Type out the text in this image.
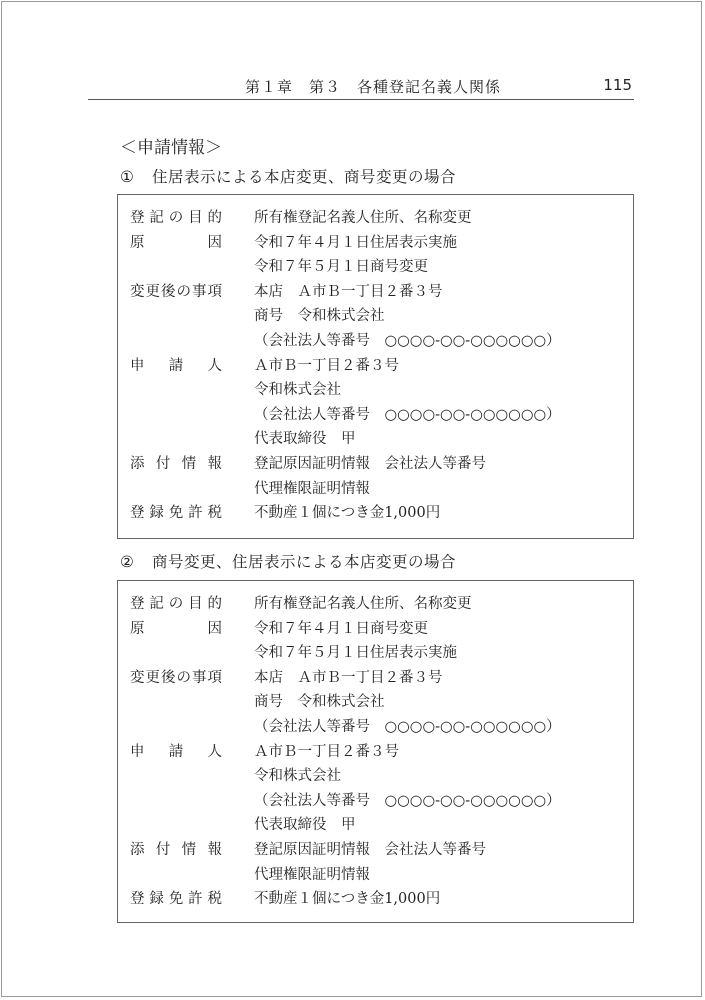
第１章　第３　各種登記名義人関係	115
＜申請情報＞
① 住居表示による本店変更、商号変更の場合
登 記 の 目 的 所有権登記名義人住所、名称変更
原	因 令和７年４月１日住居表示実施
令和７年５月１日商号変更
変 更 後 の 事 項 本店　Ａ市Ｂ一丁目２番３号
商号　令和株式会社
（会社法人等番号　○○○○-○○-○○○○○○）
申 請 人 Ａ市Ｂ一丁目２番３号
令和株式会社
（会社法人等番号　○○○○-○○-○○○○○○）
代表取締役　甲
添 付 情 報 登記原因証明情報　会社法人等番号
代理権限証明情報
登 録 免 許 税 不動産１個につき金1,000円
② 商号変更、住居表示による本店変更の場合
登 記 の 目 的 所有権登記名義人住所、名称変更
原	因 令和７年４月１日商号変更
令和７年５月１日住居表示実施
変 更 後 の 事 項 本店　Ａ市Ｂ一丁目２番３号
商号　令和株式会社
（会社法人等番号　○○○○-○○-○○○○○○）
申 請 人 Ａ市Ｂ一丁目２番３号
令和株式会社
（会社法人等番号　○○○○-○○-○○○○○○）
代表取締役　甲
添 付 情 報 登記原因証明情報　会社法人等番号
代理権限証明情報
登 録 免 許 税 不動産１個につき金1,000円
